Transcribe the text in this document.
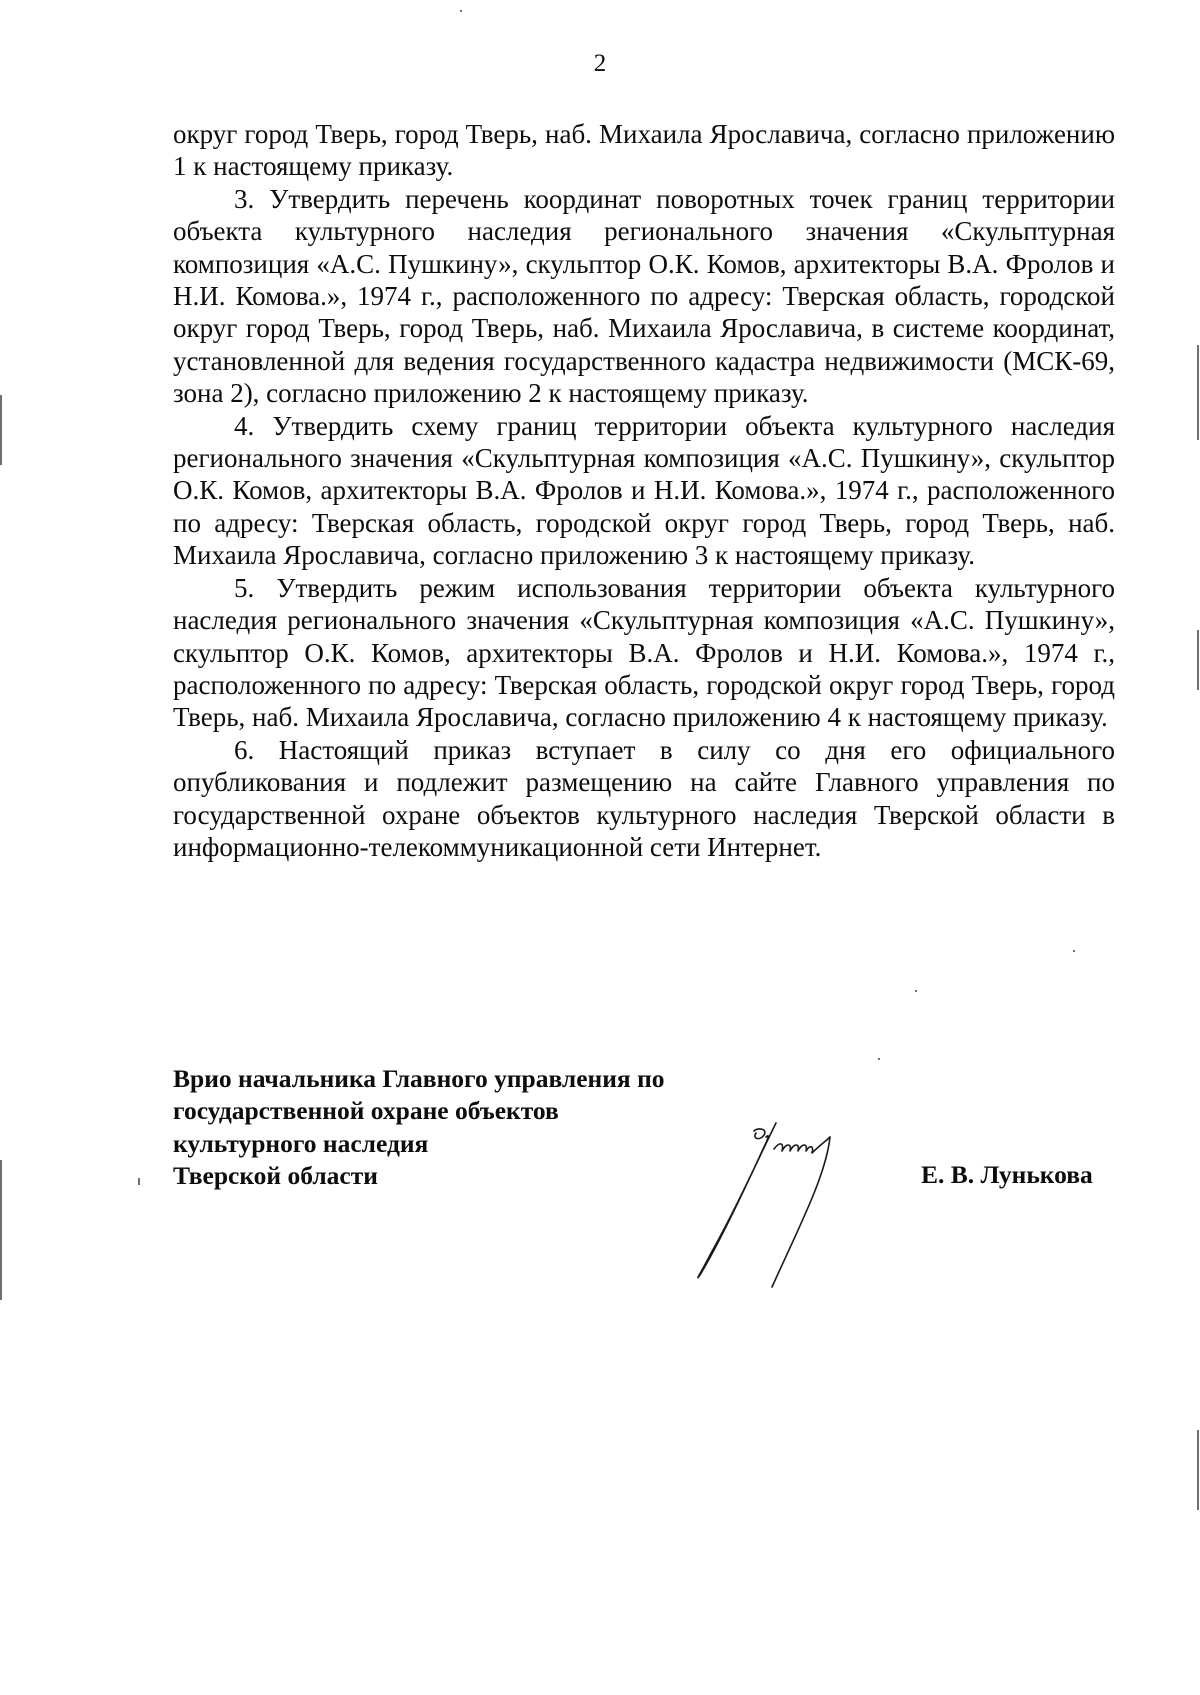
2

округ город Тверь, город Тверь, наб. Михаила Ярославича, согласно приложению 1 к настоящему приказу.

3. Утвердить перечень координат поворотных точек границ территории объекта культурного наследия регионального значения «Скульптурная композиция «А.С. Пушкину», скульптор О.К. Комов, архитекторы В.А. Фролов и Н.И. Комова.», 1974 г., расположенного по адресу: Тверская область, городской округ город Тверь, город Тверь, наб. Михаила Ярославича, в системе координат, установленной для ведения государственного кадастра недвижимости (МСК-69, зона 2), согласно приложению 2 к настоящему приказу.

4. Утвердить схему границ территории объекта культурного наследия регионального значения «Скульптурная композиция «А.С. Пушкину», скульптор О.К. Комов, архитекторы В.А. Фролов и Н.И. Комова.», 1974 г., расположенного по адресу: Тверская область, городской округ город Тверь, город Тверь, наб. Михаила Ярославича, согласно приложению 3 к настоящему приказу.

5. Утвердить режим использования территории объекта культурного наследия регионального значения «Скульптурная композиция «А.С. Пушкину», скульптор О.К. Комов, архитекторы В.А. Фролов и Н.И. Комова.», 1974 г., расположенного по адресу: Тверская область, городской округ город Тверь, город Тверь, наб. Михаила Ярославича, согласно приложению 4 к настоящему приказу.

6. Настоящий приказ вступает в силу со дня его официального опубликования и подлежит размещению на сайте Главного управления по государственной охране объектов культурного наследия Тверской области в информационно-телекоммуникационной сети Интернет.

Врио начальника Главного управления по
государственной охране объектов
культурного наследия
Тверской области	Е. В. Лунькова
